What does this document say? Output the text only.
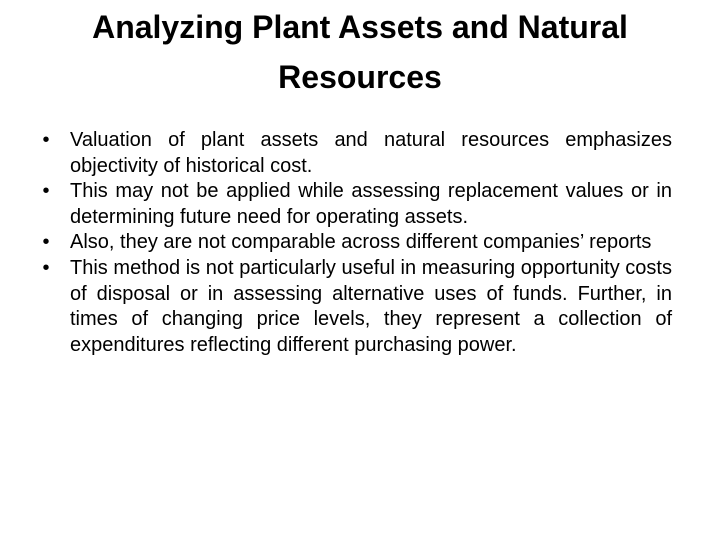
Analyzing Plant Assets and Natural Resources
•	Valuation of plant assets and natural resources emphasizes objectivity of historical cost.
•	This may not be applied while assessing replacement values or in determining future need for operating assets.
•	Also, they are not comparable across different companies’ reports
•	This method is not particularly useful in measuring opportunity costs of disposal or in assessing alternative uses of funds. Further, in times of changing price levels, they represent a collection of expenditures reflecting different purchasing power.
